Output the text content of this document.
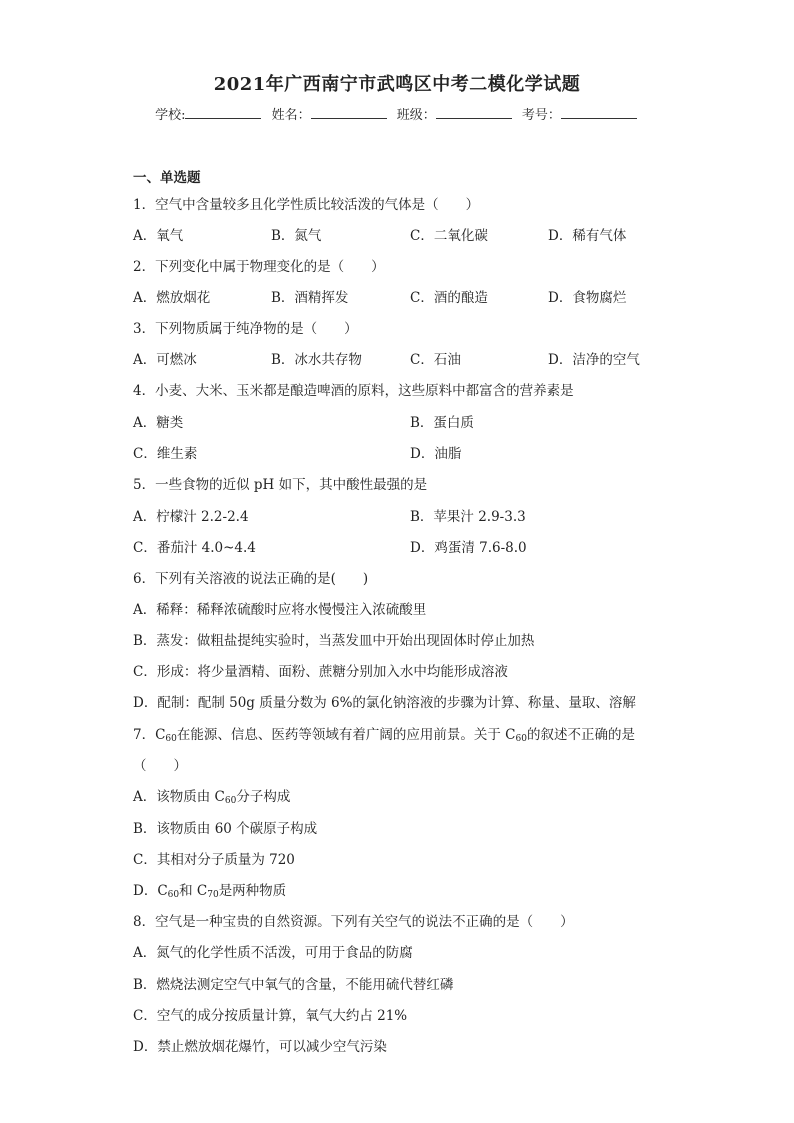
2021年广西南宁市武鸣区中考二模化学试题
学校:	姓名：	班级：	考号：
一、单选题
1．空气中含量较多且化学性质比较活泼的气体是（　　）
A．氧气	B．氮气	C．二氧化碳	D．稀有气体
2．下列变化中属于物理变化的是（　　）
A．燃放烟花	B．酒精挥发	C．酒的酿造	D．食物腐烂
3．下列物质属于纯净物的是（　　）
A．可燃冰	B．冰水共存物	C．石油	D．洁净的空气
4．小麦、大米、玉米都是酿造啤酒的原料，这些原料中都富含的营养素是
A．糖类	B．蛋白质
C．维生素	D．油脂
5．一些食物的近似 pH 如下，其中酸性最强的是
A．柠檬汁 2.2-2.4	B．苹果汁 2.9-3.3
C．番茄汁 4.0~4.4	D．鸡蛋清 7.6-8.0
6．下列有关溶液的说法正确的是(　　)
A．稀释：稀释浓硫酸时应将水慢慢注入浓硫酸里
B．蒸发：做粗盐提纯实验时，当蒸发皿中开始出现固体时停止加热
C．形成：将少量酒精、面粉、蔗糖分别加入水中均能形成溶液
D．配制：配制 50g 质量分数为 6%的氯化钠溶液的步骤为计算、称量、量取、溶解
7．$C_{60}$在能源、信息、医药等领域有着广阔的应用前景。关于 $C_{60}$的叙述不正确的是
（　　）
A．该物质由 $C_{60}$分子构成
B．该物质由 60 个碳原子构成
C．其相对分子质量为 720
D．$C_{60}$和 $C_{70}$是两种物质
8．空气是一种宝贵的自然资源。下列有关空气的说法不正确的是（　　）
A．氮气的化学性质不活泼，可用于食品的防腐
B．燃烧法测定空气中氧气的含量，不能用硫代替红磷
C．空气的成分按质量计算，氧气大约占 21%
D．禁止燃放烟花爆竹，可以减少空气污染
